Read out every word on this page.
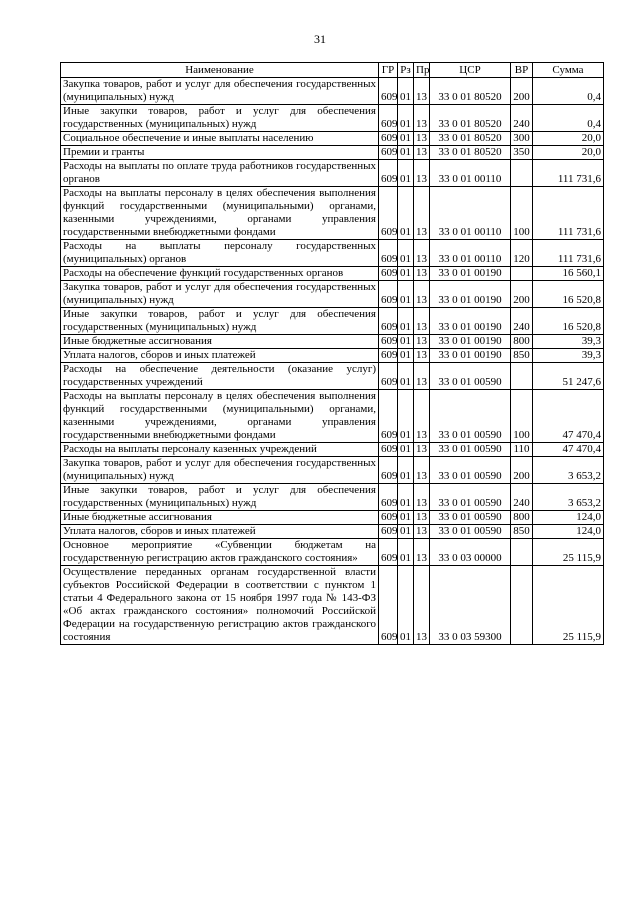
31
Наименование	ГР	Рз	Пр	ЦСР	ВР	Сумма
Закупка товаров, работ и услуг для обеспечения государственных (муниципальных) нужд	609	01	13	33 0 01 80520	200	0,4
Иные закупки товаров, работ и услуг для обеспечения государственных (муниципальных) нужд	609	01	13	33 0 01 80520	240	0,4
Социальное обеспечение и иные выплаты населению	609	01	13	33 0 01 80520	300	20,0
Премии и гранты	609	01	13	33 0 01 80520	350	20,0
Расходы на выплаты по оплате труда работников государственных органов	609	01	13	33 0 01 00110		111 731,6
Расходы на выплаты персоналу в целях обеспечения выполнения функций государственными (муниципальными) органами, казенными учреждениями, органами управления государственными внебюджетными фондами	609	01	13	33 0 01 00110	100	111 731,6
Расходы на выплаты персоналу государственных (муниципальных) органов	609	01	13	33 0 01 00110	120	111 731,6
Расходы на обеспечение функций государственных органов	609	01	13	33 0 01 00190		16 560,1
Закупка товаров, работ и услуг для обеспечения государственных (муниципальных) нужд	609	01	13	33 0 01 00190	200	16 520,8
Иные закупки товаров, работ и услуг для обеспечения государственных (муниципальных) нужд	609	01	13	33 0 01 00190	240	16 520,8
Иные бюджетные ассигнования	609	01	13	33 0 01 00190	800	39,3
Уплата налогов, сборов и иных платежей	609	01	13	33 0 01 00190	850	39,3
Расходы на обеспечение деятельности (оказание услуг) государственных учреждений	609	01	13	33 0 01 00590		51 247,6
Расходы на выплаты персоналу в целях обеспечения выполнения функций государственными (муниципальными) органами, казенными учреждениями, органами управления государственными внебюджетными фондами	609	01	13	33 0 01 00590	100	47 470,4
Расходы на выплаты персоналу казенных учреждений	609	01	13	33 0 01 00590	110	47 470,4
Закупка товаров, работ и услуг для обеспечения государственных (муниципальных) нужд	609	01	13	33 0 01 00590	200	3 653,2
Иные закупки товаров, работ и услуг для обеспечения государственных (муниципальных) нужд	609	01	13	33 0 01 00590	240	3 653,2
Иные бюджетные ассигнования	609	01	13	33 0 01 00590	800	124,0
Уплата налогов, сборов и иных платежей	609	01	13	33 0 01 00590	850	124,0
Основное мероприятие «Субвенции бюджетам на государственную регистрацию актов гражданского состояния»	609	01	13	33 0 03 00000		25 115,9
Осуществление переданных органам государственной власти субъектов Российской Федерации в соответствии с пунктом 1 статьи 4 Федерального закона от 15 ноября 1997 года № 143-ФЗ «Об актах гражданского состояния» полномочий Российской Федерации на государственную регистрацию актов гражданского состояния	609	01	13	33 0 03 59300		25 115,9
